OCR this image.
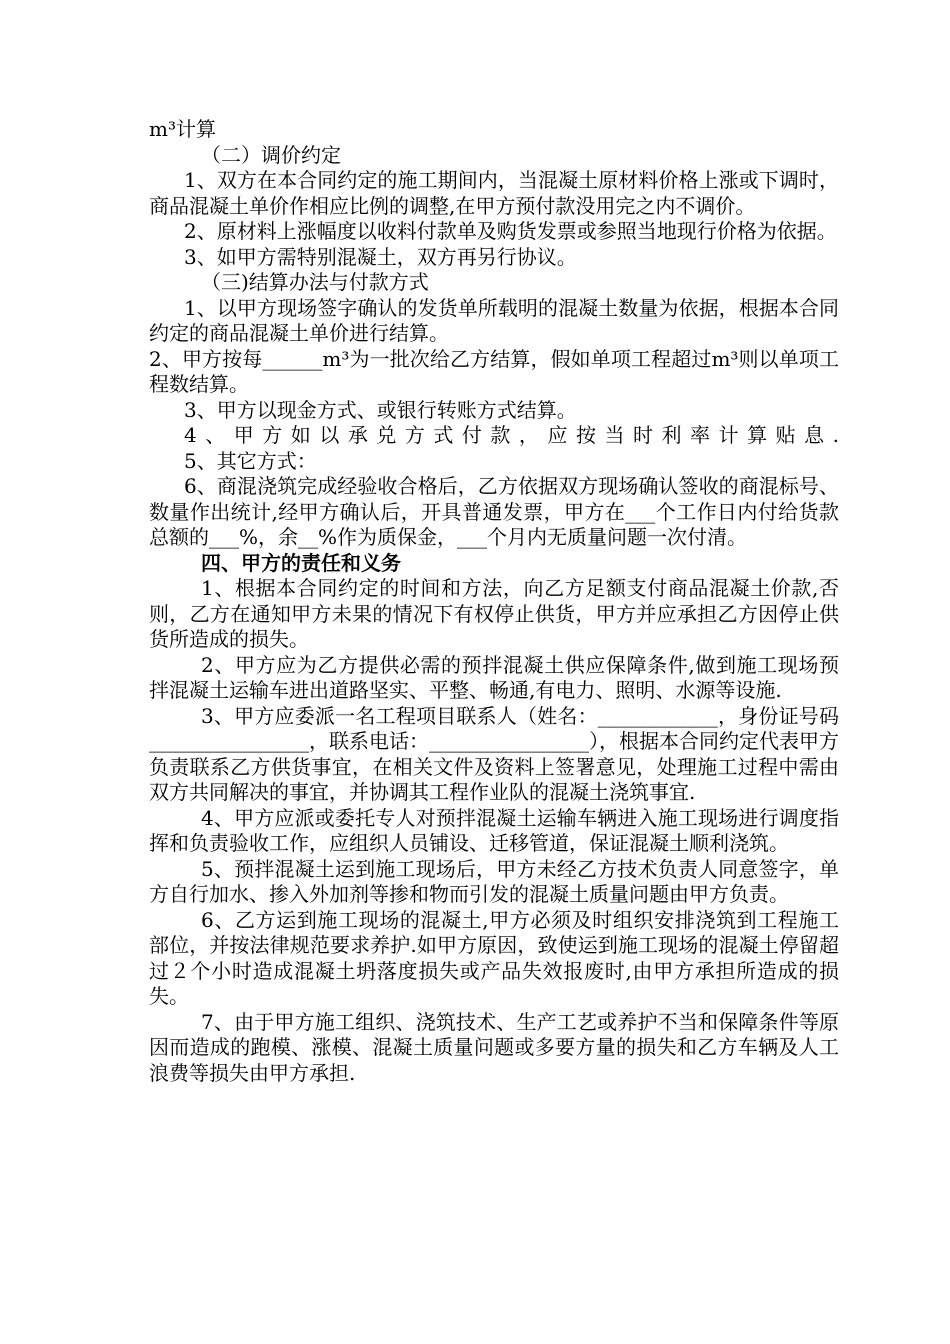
m³计算

（二）调价约定

1、双方在本合同约定的施工期间内，当混凝土原材料价格上涨或下调时，商品混凝土单价作相应比例的调整,在甲方预付款没用完之内不调价。

2、原材料上涨幅度以收料付款单及购货发票或参照当地现行价格为依据。

3、如甲方需特别混凝土，双方再另行协议。

（三)结算办法与付款方式

1、以甲方现场签字确认的发货单所载明的混凝土数量为依据，根据本合同约定的商品混凝土单价进行结算。

2、甲方按每______m³为一批次给乙方结算，假如单项工程超过m³则以单项工程数结算。

3、甲方以现金方式、或银行转账方式结算。

4、甲方如以承兑方式付款，应按当时利率计算贴息.

5、其它方式：

6、商混浇筑完成经验收合格后，乙方依据双方现场确认签收的商混标号、数量作出统计,经甲方确认后，开具普通发票，甲方在___个工作日内付给货款总额的___%，余__%作为质保金，___个月内无质量问题一次付清。

四、甲方的责任和义务

1、根据本合同约定的时间和方法，向乙方足额支付商品混凝土价款,否则，乙方在通知甲方未果的情况下有权停止供货，甲方并应承担乙方因停止供货所造成的损失。

2、甲方应为乙方提供必需的预拌混凝土供应保障条件,做到施工现场预拌混凝土运输车进出道路坚实、平整、畅通,有电力、照明、水源等设施.

3、甲方应委派一名工程项目联系人（姓名：____________，身份证号码________________，联系电话：________________），根据本合同约定代表甲方负责联系乙方供货事宜，在相关文件及资料上签署意见，处理施工过程中需由双方共同解决的事宜，并协调其工程作业队的混凝土浇筑事宜.

4、甲方应派或委托专人对预拌混凝土运输车辆进入施工现场进行调度指挥和负责验收工作，应组织人员铺设、迁移管道，保证混凝土顺利浇筑。

5、预拌混凝土运到施工现场后，甲方未经乙方技术负责人同意签字，单方自行加水、掺入外加剂等掺和物而引发的混凝土质量问题由甲方负责。

6、乙方运到施工现场的混凝土,甲方必须及时组织安排浇筑到工程施工部位，并按法律规范要求养护.如甲方原因，致使运到施工现场的混凝土停留超过２个小时造成混凝土坍落度损失或产品失效报废时,由甲方承担所造成的损失。

7、由于甲方施工组织、浇筑技术、生产工艺或养护不当和保障条件等原因而造成的跑模、涨模、混凝土质量问题或多要方量的损失和乙方车辆及人工浪费等损失由甲方承担.
